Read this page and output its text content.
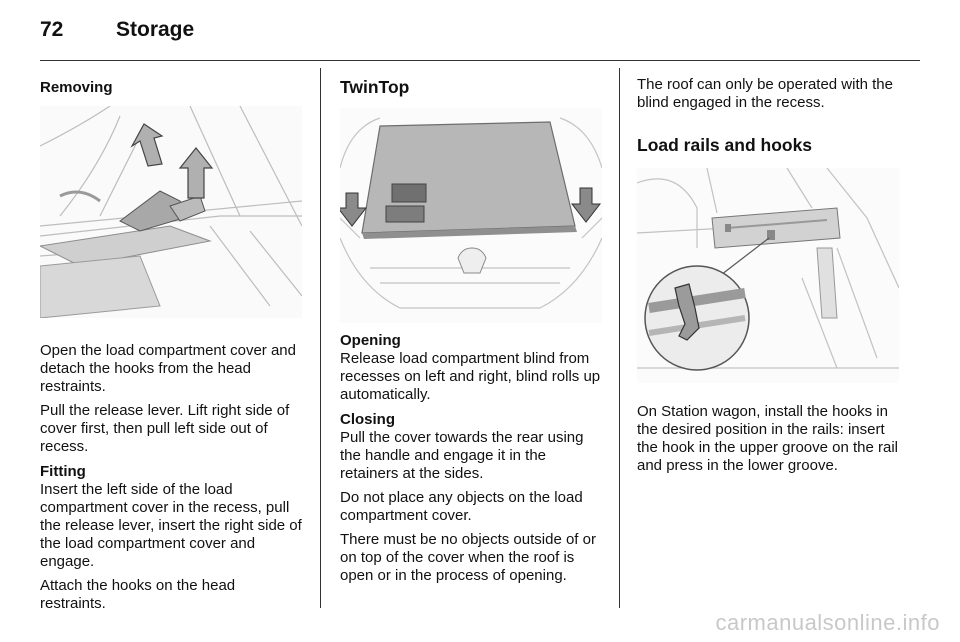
72	Storage
Removing

Open the load compartment cover and detach the hooks from the head restraints.

Pull the release lever. Lift right side of cover first, then pull left side out of recess.

Fitting

Insert the left side of the load compartment cover in the recess, pull the release lever, insert the right side of the load compartment cover and engage.

Attach the hooks on the head restraints.

TwinTop
Opening

Release load compartment blind from recesses on left and right, blind rolls up automatically.

Closing

Pull the cover towards the rear using the handle and engage it in the retainers at the sides.

Do not place any objects on the load compartment cover.

There must be no objects outside of or on top of the cover when the roof is open or in the process of opening.

The roof can only be operated with the blind engaged in the recess.

Load rails and hooks

On Station wagon, install the hooks in the desired position in the rails: insert the hook in the upper groove on the rail and press in the lower groove.

carmanualsonline.info
